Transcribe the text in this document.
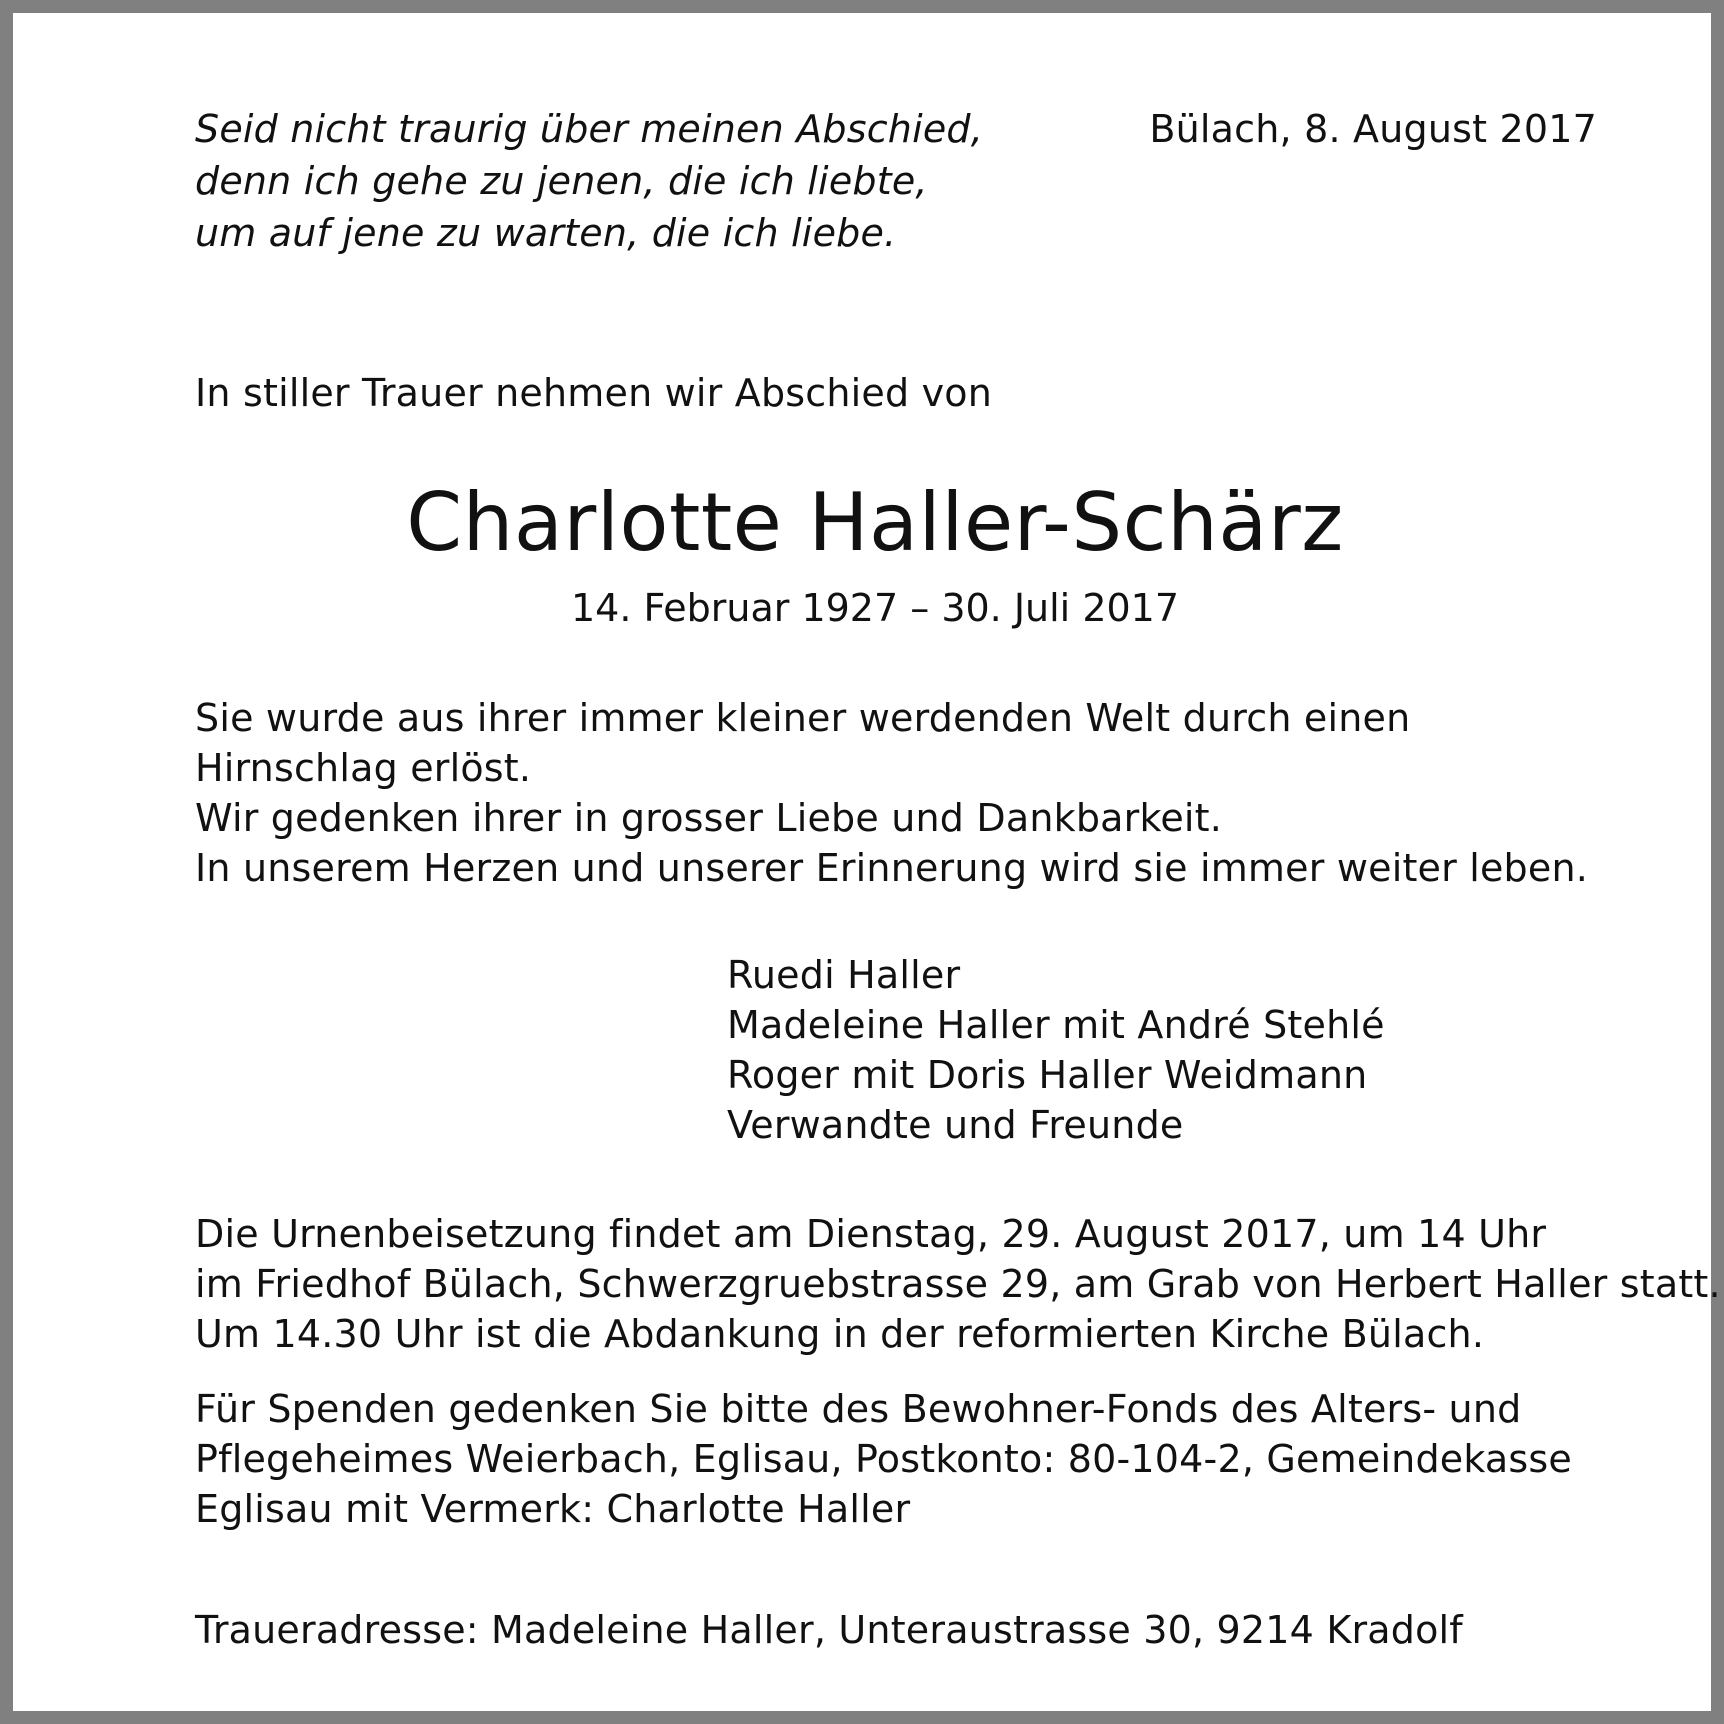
Seid nicht traurig über meinen Abschied,
denn ich gehe zu jenen, die ich liebte,
um auf jene zu warten, die ich liebe.
Bülach, 8. August 2017
In stiller Trauer nehmen wir Abschied von
Charlotte Haller-Schärz
14. Februar 1927 – 30. Juli 2017
Sie wurde aus ihrer immer kleiner werdenden Welt durch einen
Hirnschlag erlöst.
Wir gedenken ihrer in grosser Liebe und Dankbarkeit.
In unserem Herzen und unserer Erinnerung wird sie immer weiter leben.
Ruedi Haller
Madeleine Haller mit André Stehlé
Roger mit Doris Haller Weidmann
Verwandte und Freunde
Die Urnenbeisetzung findet am Dienstag, 29. August 2017, um 14 Uhr
im Friedhof Bülach, Schwerzgruebstrasse 29, am Grab von Herbert Haller statt.
Um 14.30 Uhr ist die Abdankung in der reformierten Kirche Bülach.
Für Spenden gedenken Sie bitte des Bewohner-Fonds des Alters- und
Pflegeheimes Weierbach, Eglisau, Postkonto: 80-104-2, Gemeindekasse
Eglisau mit Vermerk: Charlotte Haller
Traueradresse: Madeleine Haller, Unteraustrasse 30, 9214 Kradolf
